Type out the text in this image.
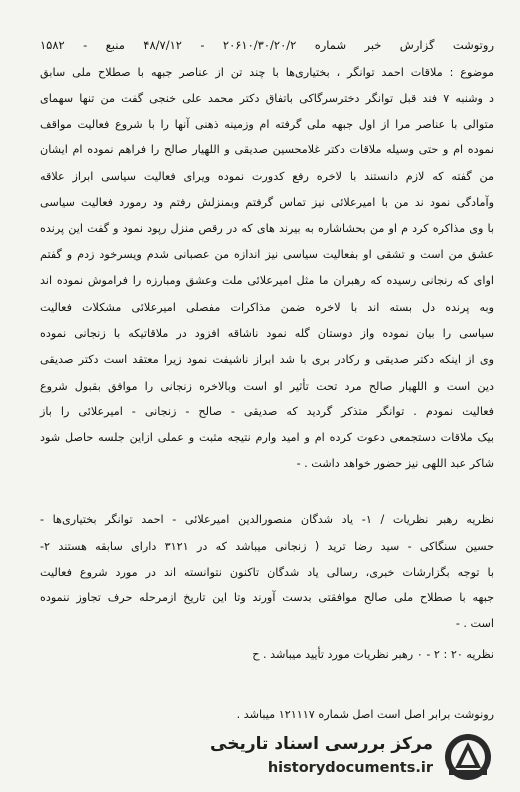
روتوشت گزارش خبر شماره ۲۰۶۱۰/۳۰/۲۰/۲ - ۴۸/۷/۱۲ منبع - ۱۵۸۲
موضوع : ملاقات احمد توانگر ، بختیاری‌ها با چند تن از عناصر جبهه با صطلاح ملی سابق
د وشنبه ۷ فند قبل توانگر دخترسرگاکی باتفاق دکتر محمد علی خنجی گفت من تنها سهمای
متوالی با عناصر مرا از اول جبهه ملی گرفته ام وزمینه ذهنی آنها را با شروع فعالیت مواقف
نموده ام و حتی وسیله ملاقات دکتر غلامحسین صدیقی و اللهیار صالح را فراهم نموده ام ایشان
من گفته که لازم دانستند با لاخره رفع کدورت نموده ویرای فعالیت سیاسی ابراز علاقه
وآمادگی نمود ند من با امیرعلائی نیز تماس گرفتم وبمنزلش رفتم ود رمورد فعالیت سیاسی
با وی مذاکره کرد م او من بحشاشاره به بیرند های که در رقص منزل رپود نمود و گفت این پرنده
عشق من است و تشقی او بفعالیت سیاسی نیز اندازه من عصبانی شدم ویسرخود زدم و گفتم
اوای که رنجانی رسیده که رهبران ما مثل امیرعلائی ملت وعشق ومبارزه را فراموش نموده اند
وبه پرنده دل بسته اند با لاخره ضمن مذاکرات مفصلی امیرعلائی مشکلات فعالیت
سیاسی را بیان نموده واز دوستان گله نمود ناشاقه افزود در ملاقاتیکه با زنجانی نموده
وی از اینکه دکتر صدیقی و رکادر بری با شد ابراز ناشیفت نمود زیرا معتقد است دکتر صدیقی
دین است و اللهیار صالح مرد تحت تأثیر او است وبالاخره زنجانی را موافق بقبول شروع
فعالیت نمودم . توانگر متذکر گردید که صدیقی - صالح - زنجانی - امیرعلائی را باز
بیک ملاقات دستجمعی دعوت کرده ام و امید وارم نتیجه مثبت و عملی ازاین جلسه حاصل شود
شاکر عبد اللهی نیز حضور خواهد داشت . -
نظریه رهبر نظریات / ۱- یاد شدگان منصورالدین امیرعلائی - احمد توانگر بختیاری‌ها -
حسین سنگاکی - سید رضا ترید ( زنجانی میباشد که در ۳۱۲۱ دارای سابقه هستند ۲-
با توجه بگزارشات خبری، رسالی یاد شدگان تاکنون نتوانسته اند در مورد شروع فعالیت
جبهه با صطلاح ملی صالح موافقتی بدست آورند وتا این تاریخ ازمرحله حرف تجاوز ننموده
است . -
نظریه ۲۰ : ۲ - ۰ رهبر نظریات مورد تأیید میباشد . ح
رونوشت برابر اصل است اصل شماره ۱۲۱۱۱۷ میباشد .
مرکز بررسی اسناد تاریخی
historydocuments.ir
